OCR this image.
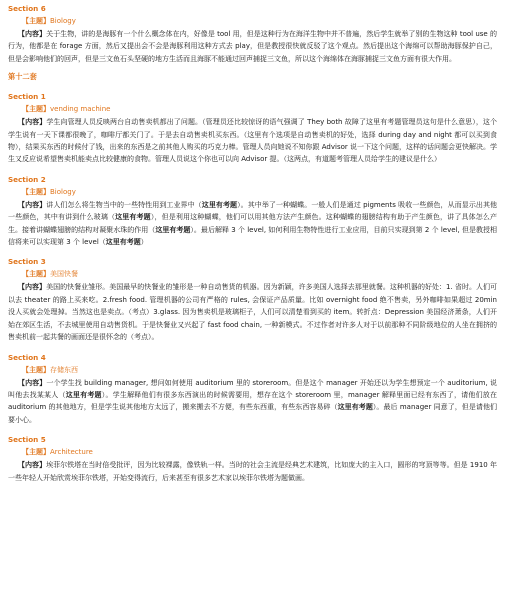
Section 6
【主题】Biology
【内容】关于生物，讲的是海豚有一个什么概念体在内，好像是 tool 用，但是这种行为在海洋生物中并不普遍，然后学生就举了别的生物这种 tool use 的行为，他都是在 forage 方面，然后又提出会不会是海豚利用这种方式去 play，但是教授很快就反驳了这个观点。然后提出这个海绵可以帮助海豚保护自己，但是会影响他们的回声，但是三文鱼石头坚硬的地方生活而且海豚不能通过回声捕捉三文鱼，所以这个海绵体在海豚捕捉三文鱼方面有很大作用。
第十二套
Section 1
【主题】vending machine
【内容】学生向管理人员反映两台自动售卖机都出了问题。（管理员还比较惊讶的语气强调了 They both 故障了这里有考题管理员这句是什么意思），这个学生说有一天下课都很晚了，咖啡厅都关门了。于是去自动售卖机买东西。（这里有个选项是自动售卖机的好处，选择 during day and night 都可以买到食物），结果买东西的时候付了钱，出来的东西是之前其他人购买的巧克力棒。管理人员向她说不知你跟 Advisor 说一下这个问题，这样的话问题会更快解决。学生又反应说希望售卖机能卖点比较健康的食物。管理人员说这个你也可以向 Advisor 提。（这两点，有道题考管理人员给学生的建议是什么）
Section 2
【主题】Biology
【内容】讲人们怎么将生物当中的一些特性用到工业界中（这里有考题）。其中举了一种蝴蝶。一般人们是通过 pigments 吸收一些颜色，从而显示出其他一些颜色，其中有讲到什么玻璃（这里有考题），但是利用这种蝴蝶，他们可以用其他方法产生颜色。这种蝴蝶的翅膀结构有助于产生颜色，讲了具体怎么产生。接着讲蝴蝶翅膀的结构对凝聚水珠的作用（这里有考题）。最后解释 3 个 level, 如何利用生物特性进行工业应用，目前只实现到第 2 个 level, 但是教授相信将来可以实现第 3 个 level（这里有考题）
Section 3
【主题】美国快餐
【内容】美国的快餐业雏形。美国最早的快餐业的雏形是一种自动售货的机器。因为新颖，许多美国人选择去那里就餐。这种机器的好处：1. 省时。人们可以去 theater 的路上买来吃。2.fresh food. 管理机器的公司有严格的 rules, 会保证产品质量。比如 overnight food 绝不售卖，另外咖啡如果超过 20min 没人买就会处理掉。当然这也是卖点。（考点）3.glass. 因为售卖机是玻璃柜子，人们可以清楚看到买的 item。转折点：Depression 美国经济萧条，人们开始在郊区生活，不去城里使用自动售货机。于是快餐业又兴起了 fast food chain, 一种新模式。不过作者对许多人对于以前那种不同阶级地位的人坐在拥挤的售卖机前一起共餐的画面还是很怀念的（考点）。
Section 4
【主题】存储东西
【内容】一个学生找 building manager, 想问如何使用 auditorium 里的 storeroom。但是这个 manager 开始还以为学生想预定一个 auditorium, 说叫他去找某某人（这里有考题）。学生解释他们有很多东西演出的时候需要用，想存在这个 storeroom 里，manager 解释里面已经有东西了，请他们放在 auditorium 的其他地方，但是学生说其他地方太远了，搬来搬去不方便，有些东西重，有些东西容易碎（这里有考题）。最后 manager 同意了，但是请他们要小心。
Section 5
【主题】Architecture
【内容】埃菲尔铁塔在当时倍受批评，因为比较裸露，像铁轨一样。当时的社会主流是经典艺术建筑，比如庞大的主入口，圆形的穹顶等等。但是 1910 年一些年轻人开始欣赏埃菲尔铁塔，开始变得流行，后来甚至有很多艺术家以埃菲尔铁塔为题做画。
